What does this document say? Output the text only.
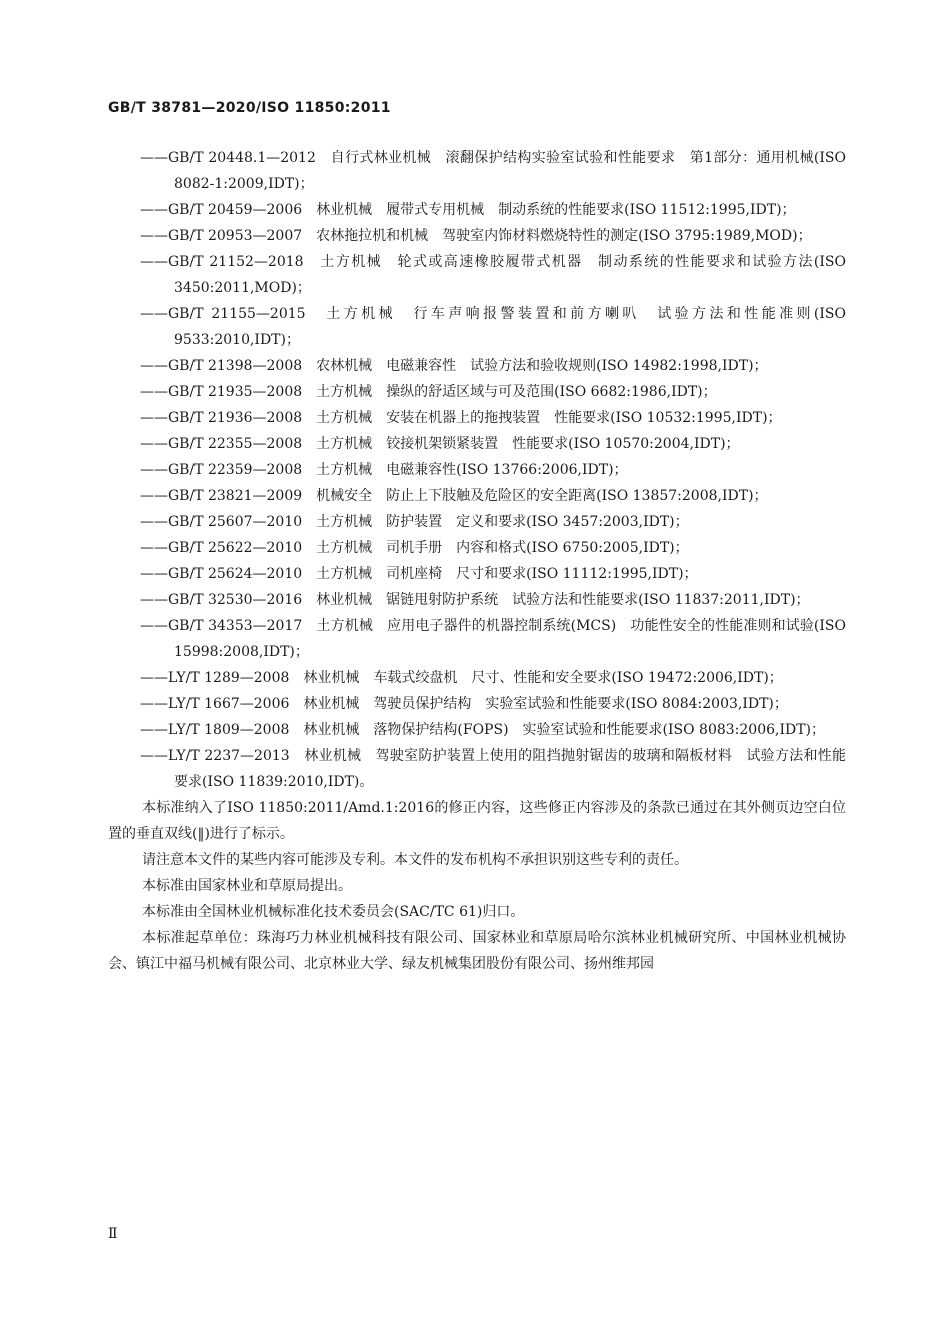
GB/T 38781—2020/ISO 11850:2011
——GB/T 20448.1—2012　自行式林业机械　滚翻保护结构实验室试验和性能要求　第1部分：通用机械(ISO 8082-1:2009,IDT)；
——GB/T 20459—2006　林业机械　履带式专用机械　制动系统的性能要求(ISO 11512:1995,IDT)；
——GB/T 20953—2007　农林拖拉机和机械　驾驶室内饰材料燃烧特性的测定(ISO 3795:1989,MOD)；
——GB/T 21152—2018　土方机械　轮式或高速橡胶履带式机器　制动系统的性能要求和试验方法(ISO 3450:2011,MOD)；
——GB/T 21155—2015　土方机械　行车声响报警装置和前方喇叭　试验方法和性能准则(ISO 9533:2010,IDT)；
——GB/T 21398—2008　农林机械　电磁兼容性　试验方法和验收规则(ISO 14982:1998,IDT)；
——GB/T 21935—2008　土方机械　操纵的舒适区域与可及范围(ISO 6682:1986,IDT)；
——GB/T 21936—2008　土方机械　安装在机器上的拖拽装置　性能要求(ISO 10532:1995,IDT)；
——GB/T 22355—2008　土方机械　铰接机架锁紧装置　性能要求(ISO 10570:2004,IDT)；
——GB/T 22359—2008　土方机械　电磁兼容性(ISO 13766:2006,IDT)；
——GB/T 23821—2009　机械安全　防止上下肢触及危险区的安全距离(ISO 13857:2008,IDT)；
——GB/T 25607—2010　土方机械　防护装置　定义和要求(ISO 3457:2003,IDT)；
——GB/T 25622—2010　土方机械　司机手册　内容和格式(ISO 6750:2005,IDT)；
——GB/T 25624—2010　土方机械　司机座椅　尺寸和要求(ISO 11112:1995,IDT)；
——GB/T 32530—2016　林业机械　锯链甩射防护系统　试验方法和性能要求(ISO 11837:2011,IDT)；
——GB/T 34353—2017　土方机械　应用电子器件的机器控制系统(MCS)　功能性安全的性能准则和试验(ISO 15998:2008,IDT)；
——LY/T 1289—2008　林业机械　车载式绞盘机　尺寸、性能和安全要求(ISO 19472:2006,IDT)；
——LY/T 1667—2006　林业机械　驾驶员保护结构　实验室试验和性能要求(ISO 8084:2003,IDT)；
——LY/T 1809—2008　林业机械　落物保护结构(FOPS)　实验室试验和性能要求(ISO 8083:2006,IDT)；
——LY/T 2237—2013　林业机械　驾驶室防护装置上使用的阻挡抛射锯齿的玻璃和隔板材料　试验方法和性能要求(ISO 11839:2010,IDT)。

本标准纳入了ISO 11850:2011/Amd.1:2016的修正内容，这些修正内容涉及的条款已通过在其外侧页边空白位置的垂直双线(‖)进行了标示。

请注意本文件的某些内容可能涉及专利。本文件的发布机构不承担识别这些专利的责任。

本标准由国家林业和草原局提出。

本标准由全国林业机械标准化技术委员会(SAC/TC 61)归口。

本标准起草单位：珠海巧力林业机械科技有限公司、国家林业和草原局哈尔滨林业机械研究所、中国林业机械协会、镇江中福马机械有限公司、北京林业大学、绿友机械集团股份有限公司、扬州维邦园

Ⅱ
